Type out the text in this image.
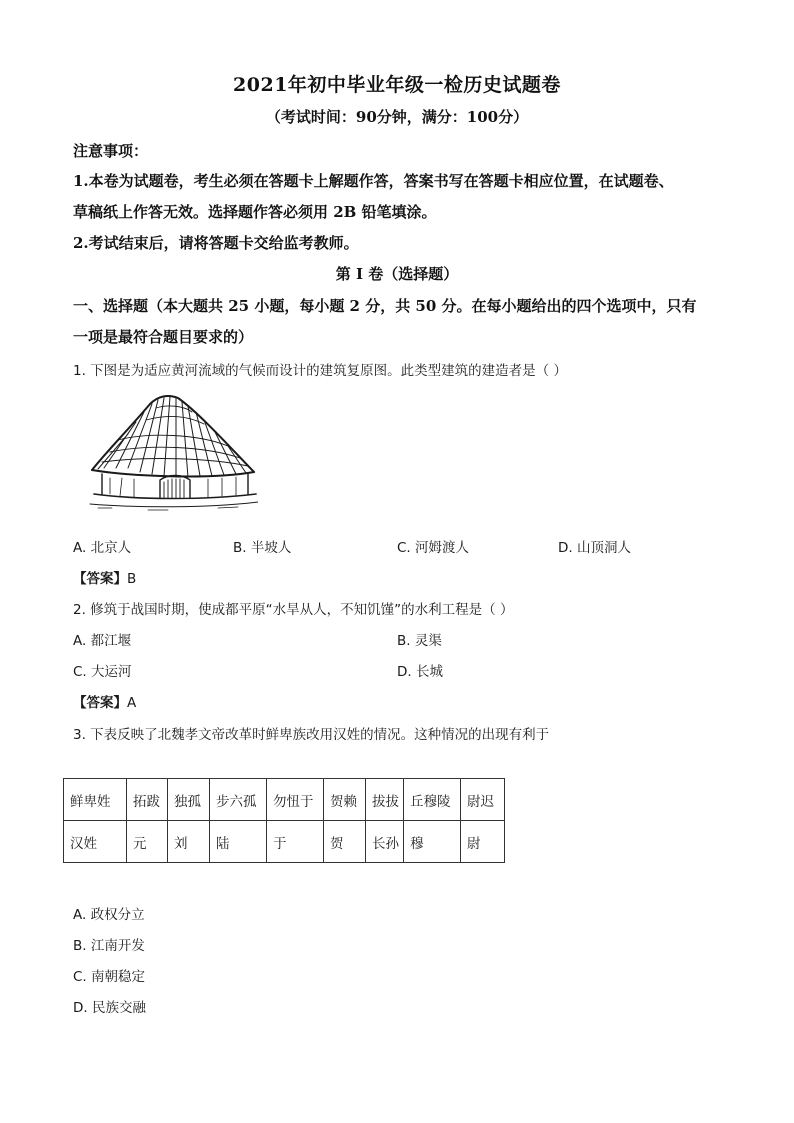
2021年初中毕业年级一检历史试题卷
（考试时间：90分钟，满分：100分）
注意事项：
1.本卷为试题卷，考生必须在答题卡上解题作答，答案书写在答题卡相应位置，在试题卷、
草稿纸上作答无效。选择题作答必须用 2B 铅笔填涂。
2.考试结束后，请将答题卡交给监考教师。
第 I 卷（选择题）
一、选择题（本大题共 25 小题，每小题 2 分，共 50 分。在每小题给出的四个选项中，只有
一项是最符合题目要求的）
1. 下图是为适应黄河流域的气候而设计的建筑复原图。此类型建筑的建造者是（ ）
A. 北京人	B. 半坡人	C. 河姆渡人	D. 山顶洞人
【答案】B
2. 修筑于战国时期，使成都平原“水旱从人，不知饥馑”的水利工程是（ ）
A. 都江堰	B. 灵渠
C. 大运河	D. 长城
【答案】A
3. 下表反映了北魏孝文帝改革时鲜卑族改用汉姓的情况。这种情况的出现有利于
鲜卑姓	拓跋	独孤	步六孤	勿忸于	贺赖	拔拔	丘穆陵	尉迟
汉姓	元	刘	陆	于	贺	长孙	穆	尉
A. 政权分立
B. 江南开发
C. 南朝稳定
D. 民族交融
